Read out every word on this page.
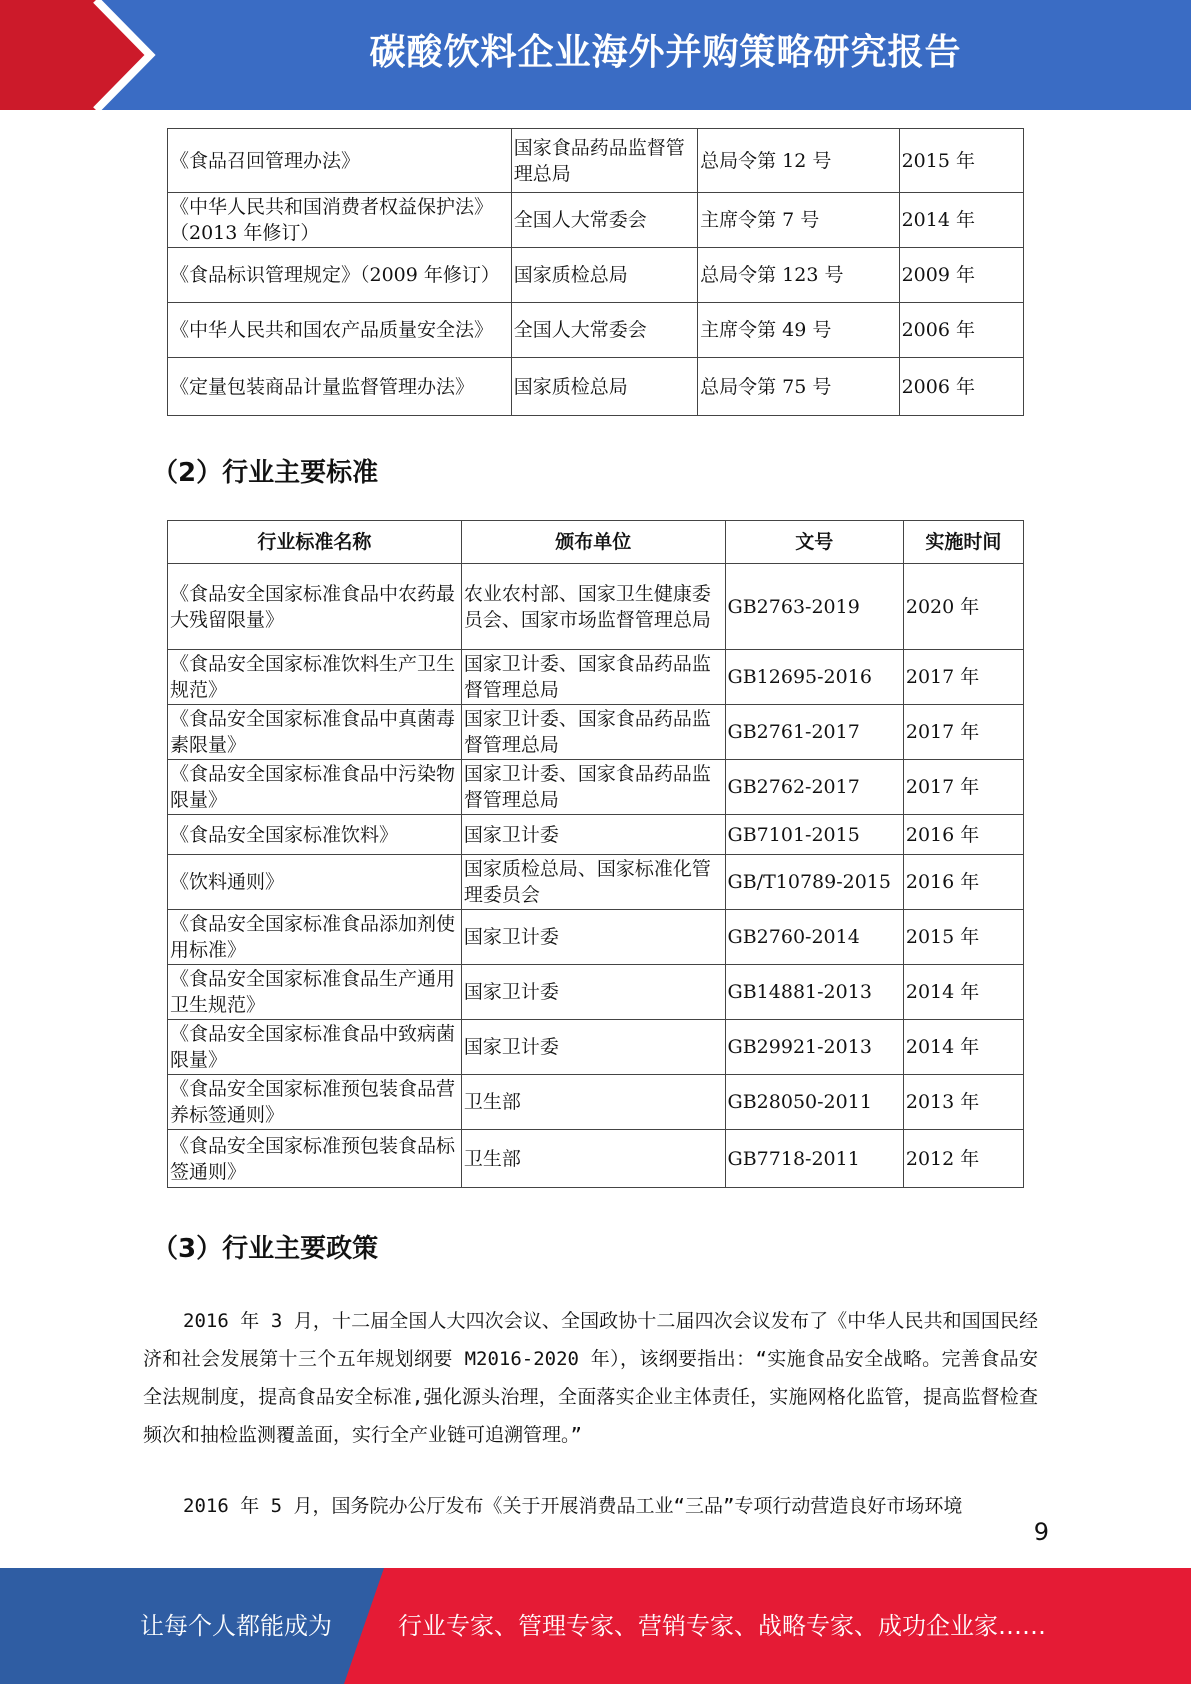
碳酸饮料企业海外并购策略研究报告
《食品召回管理办法》	国家食品药品监督管理总局	总局令第 12 号	2015 年
《中华人民共和国消费者权益保护法》（2013 年修订）	全国人大常委会	主席令第 7 号	2014 年
《食品标识管理规定》（2009 年修订）	国家质检总局	总局令第 123 号	2009 年
《中华人民共和国农产品质量安全法》	全国人大常委会	主席令第 49 号	2006 年
《定量包装商品计量监督管理办法》	国家质检总局	总局令第 75 号	2006 年
（2）行业主要标准
行业标准名称	颁布单位	文号	实施时间
《食品安全国家标准食品中农药最大残留限量》	农业农村部、国家卫生健康委员会、国家市场监督管理总局	GB2763-2019	2020 年
《食品安全国家标准饮料生产卫生规范》	国家卫计委、国家食品药品监督管理总局	GB12695-2016	2017 年
《食品安全国家标准食品中真菌毒素限量》	国家卫计委、国家食品药品监督管理总局	GB2761-2017	2017 年
《食品安全国家标准食品中污染物限量》	国家卫计委、国家食品药品监督管理总局	GB2762-2017	2017 年
《食品安全国家标准饮料》	国家卫计委	GB7101-2015	2016 年
《饮料通则》	国家质检总局、国家标准化管理委员会	GB/T10789-2015	2016 年
《食品安全国家标准食品添加剂使用标准》	国家卫计委	GB2760-2014	2015 年
《食品安全国家标准食品生产通用卫生规范》	国家卫计委	GB14881-2013	2014 年
《食品安全国家标准食品中致病菌限量》	国家卫计委	GB29921-2013	2014 年
《食品安全国家标准预包装食品营养标签通则》	卫生部	GB28050-2011	2013 年
《食品安全国家标准预包装食品标签通则》	卫生部	GB7718-2011	2012 年
（3）行业主要政策
2016 年 3 月，十二届全国人大四次会议、全国政协十二届四次会议发布了《中华人民共和国国民经济和社会发展第十三个五年规划纲要 M2016-2020 年），该纲要指出：“实施食品安全战略。完善食品安全法规制度，提高食品安全标准,强化源头治理，全面落实企业主体责任，实施网格化监管，提高监督检查频次和抽检监测覆盖面，实行全产业链可追溯管理。”
2016 年 5 月，国务院办公厅发布《关于开展消费品工业“三品”专项行动营造良好市场环境
9
让每个人都能成为	行业专家、管理专家、营销专家、战略专家、成功企业家……
